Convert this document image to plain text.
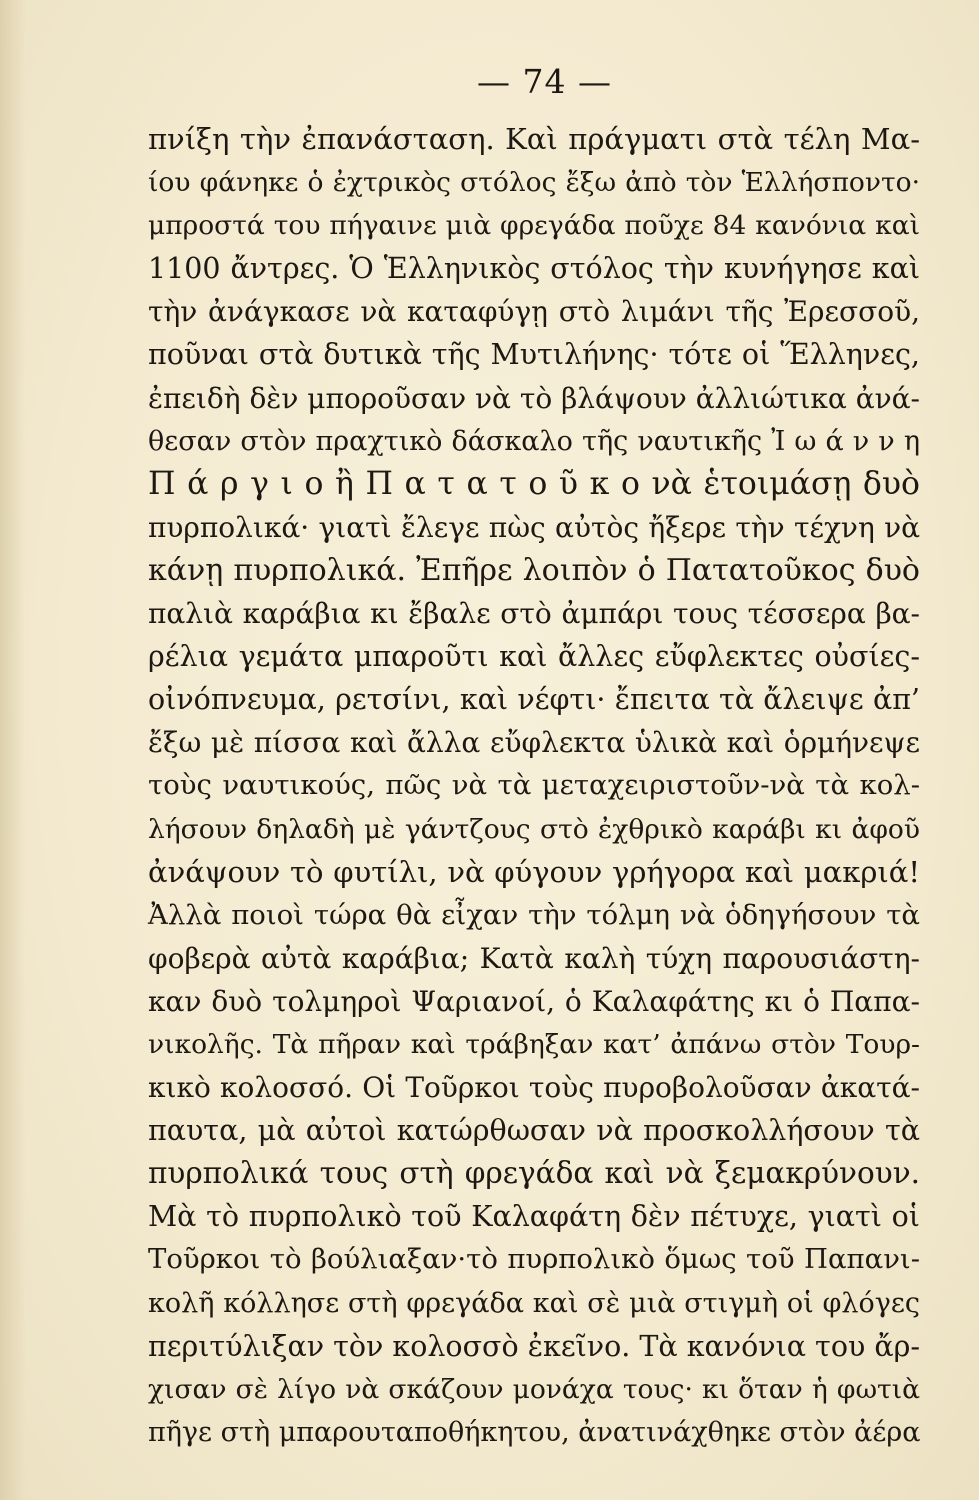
— 74 —
πνίξη τὴν ἐπανάσταση. Καὶ πράγματι στὰ τέλη Μα-
ίου φάνηκε ὁ ἐχτρικὸς στόλος ἔξω ἀπὸ τὸν Ἑλλήσποντο·
μπροστά του πήγαινε μιὰ φρεγάδα ποῦχε 84 κανόνια καὶ
1100 ἄντρες. Ὁ Ἑλληνικὸς στόλος τὴν κυνήγησε καὶ
τὴν ἀνάγκασε νὰ καταφύγῃ στὸ λιμάνι τῆς Ἐρεσσοῦ,
ποῦναι στὰ δυτικὰ τῆς Μυτιλήνης· τότε οἱ Ἕλληνες,
ἐπειδὴ δὲν μποροῦσαν νὰ τὸ βλάψουν ἀλλιώτικα ἀνά-
θεσαν στὸν πραχτικὸ δάσκαλο τῆς ναυτικῆς Ἰ ω ά ν ν η
Π ά ρ γ ι ο ἢ Π α τ α τ ο ῦ κ ο νὰ ἑτοιμάσῃ δυὸ
πυρπολικά· γιατὶ ἔλεγε πὼς αὐτὸς ἤξερε τὴν τέχνη νὰ
κάνῃ πυρπολικά. Ἐπῆρε λοιπὸν ὁ Πατατοῦκος δυὸ
παλιὰ καράβια κι ἔβαλε στὸ ἀμπάρι τους τέσσερα βα-
ρέλια γεμάτα μπαροῦτι καὶ ἄλλες εὔφλεκτες οὐσίες-
οἰνόπνευμα, ρετσίνι, καὶ νέφτι· ἔπειτα τὰ ἄλειψε ἀπ’
ἔξω μὲ πίσσα καὶ ἄλλα εὔφλεκτα ὑλικὰ καὶ ὁρμήνεψε
τοὺς ναυτικούς, πῶς νὰ τὰ μεταχειριστοῦν-νὰ τὰ κολ-
λήσουν δηλαδὴ μὲ γάντζους στὸ ἐχθρικὸ καράβι κι ἀφοῦ
ἀνάψουν τὸ φυτίλι, νὰ φύγουν γρήγορα καὶ μακριά!
Ἀλλὰ ποιοὶ τώρα θὰ εἶχαν τὴν τόλμη νὰ ὁδηγήσουν τὰ
φοβερὰ αὐτὰ καράβια; Κατὰ καλὴ τύχη παρουσιάστη-
καν δυὸ τολμηροὶ Ψαριανοί, ὁ Καλαφάτης κι ὁ Παπα-
νικολῆς. Τὰ πῆραν καὶ τράβηξαν κατ’ ἀπάνω στὸν Τουρ-
κικὸ κολοσσό. Οἱ Τοῦρκοι τοὺς πυροβολοῦσαν ἀκατά-
παυτα, μὰ αὐτοὶ κατώρθωσαν νὰ προσκολλήσουν τὰ
πυρπολικά τους στὴ φρεγάδα καὶ νὰ ξεμακρύνουν.
Μὰ τὸ πυρπολικὸ τοῦ Καλαφάτη δὲν πέτυχε, γιατὶ οἱ
Τοῦρκοι τὸ βούλιαξαν·τὸ πυρπολικὸ ὅμως τοῦ Παπανι-
κολῆ κόλλησε στὴ φρεγάδα καὶ σὲ μιὰ στιγμὴ οἱ φλόγες
περιτύλιξαν τὸν κολοσσὸ ἐκεῖνο. Τὰ κανόνια του ἄρ-
χισαν σὲ λίγο νὰ σκάζουν μονάχα τους· κι ὅταν ἡ φωτιὰ
πῆγε στὴ μπαρουταποθήκητου, ἀνατινάχθηκε στὸν ἀέρα
